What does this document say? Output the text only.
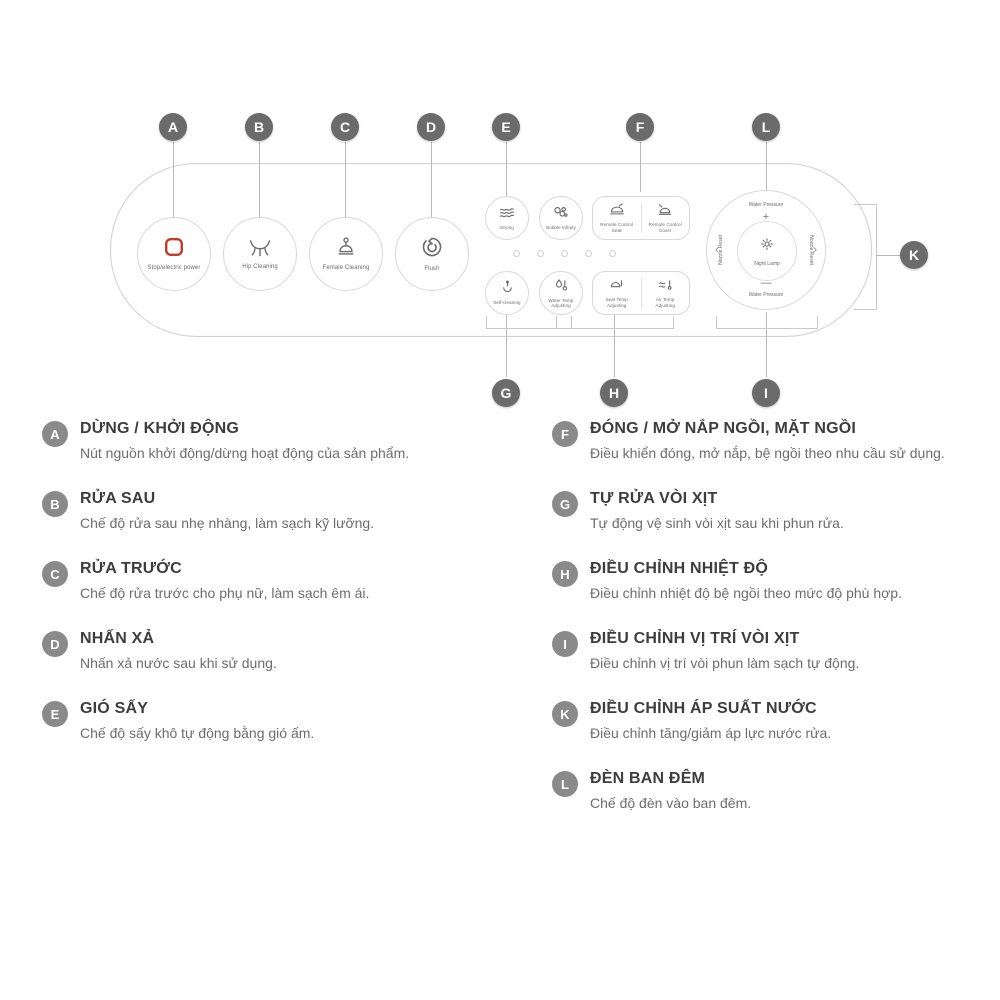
A	B	C	D	E	F	L
K
G	H	I
Stop/electric power	Hip Cleaning	Female Cleaning	Flush
Drying	Bubble Infinity
Remote Control Seat
Remote Control Cover
Self-cleaning
Water Temp Adjusting
Seat Temp Adjusting
Air Temp Adjusting
Water Pressure
Water Pressure
Nozzle Reset	Nozzle Reset
+
—
‹	›
Night Lamp
A	DỪNG / KHỞI ĐỘNG

Nút nguồn khởi động/dừng hoạt động của sản phẩm.

B	RỬA SAU

Chế độ rửa sau nhẹ nhàng, làm sạch kỹ lưỡng.

C	RỬA TRƯỚC

Chế độ rửa trước cho phụ nữ, làm sạch êm ái.

D	NHẤN XẢ

Nhấn xả nước sau khi sử dụng.

E	GIÓ SẤY

Chế độ sấy khô tự động bằng gió ấm.

F	ĐÓNG / MỞ NẮP NGỒI, MẶT NGỒI

Điều khiển đóng, mở nắp, bệ ngồi theo nhu cầu sử dụng.

G	TỰ RỬA VÒI XỊT

Tự động vệ sinh vòi xịt sau khi phun rửa.

H	ĐIỀU CHỈNH NHIỆT ĐỘ

Điều chỉnh nhiệt độ bệ ngồi theo mức độ phù hợp.

I	ĐIỀU CHỈNH VỊ TRÍ VÒI XỊT

Điều chỉnh vị trí vòi phun làm sạch tự động.

K	ĐIỀU CHỈNH ÁP SUẤT NƯỚC

Điều chỉnh tăng/giảm áp lực nước rửa.

L	ĐÈN BAN ĐÊM

Chế độ đèn vào ban đêm.
